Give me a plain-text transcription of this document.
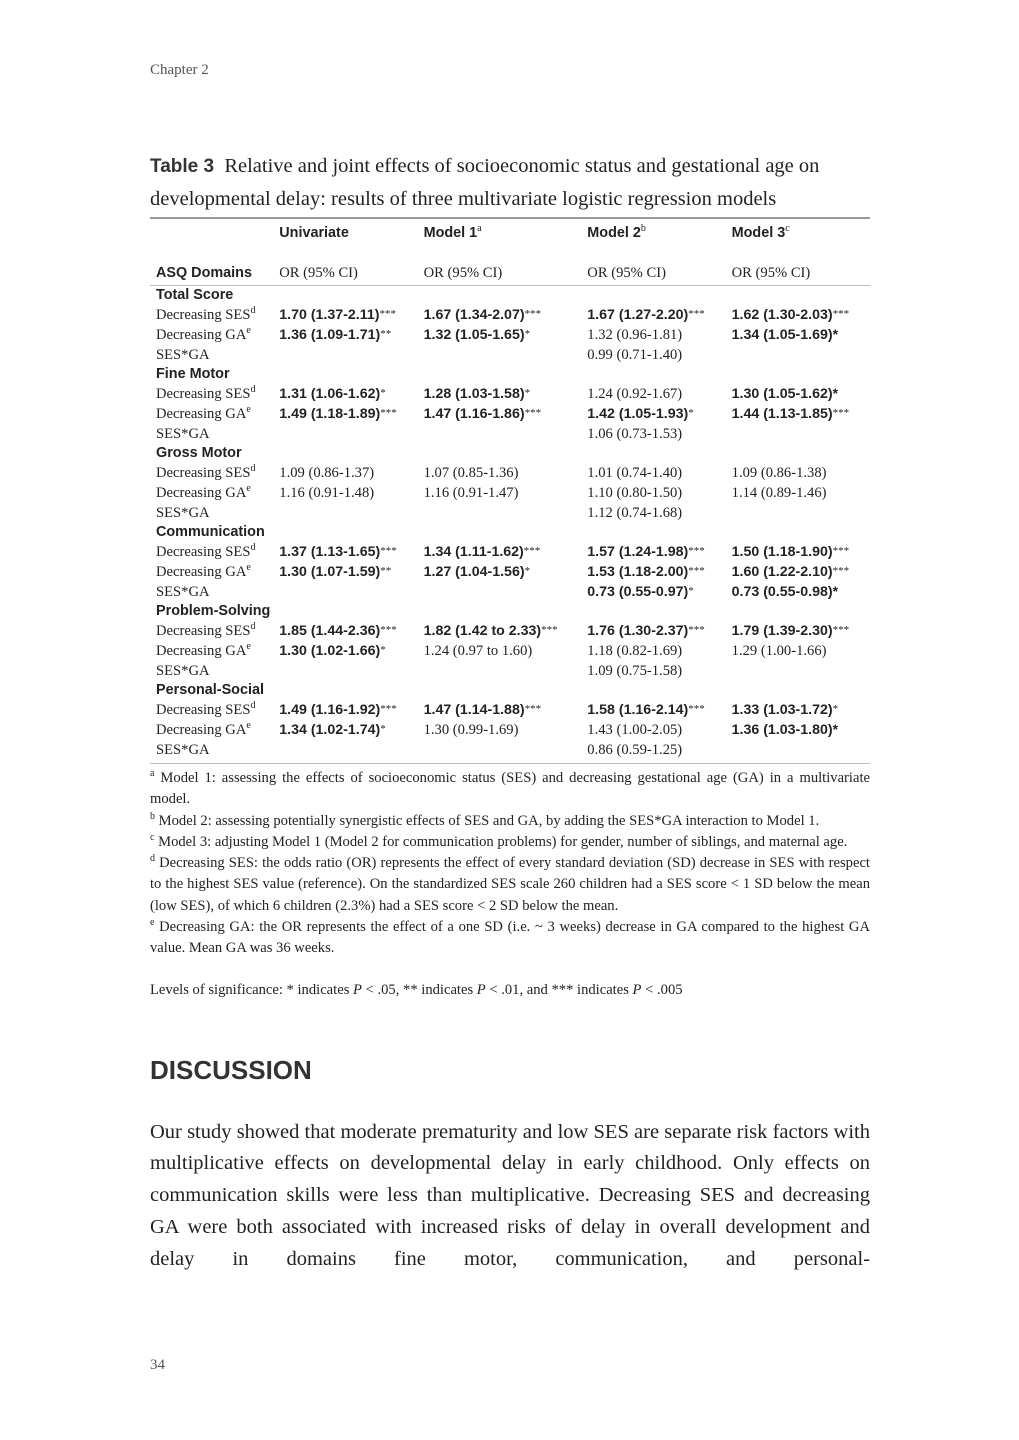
Chapter 2
Table 3 Relative and joint effects of socioeconomic status and gestational age on developmental delay: results of three multivariate logistic regression models
	Univariate	Model 1$^a$	Model 2$^b$	Model 3$^c$
ASQ Domains	OR (95% CI)	OR (95% CI)	OR (95% CI)	OR (95% CI)
Total Score				
Decreasing SES$^d$	1.70 (1.37-2.11)***	1.67 (1.34-2.07)***	1.67 (1.27-2.20)***	1.62 (1.30-2.03)***
Decreasing $GA^e$	1.36 (1.09-1.71)**	1.32 (1.05-1.65)*	1.32 (0.96-1.81)	1.34 (1.05-1.69)*
SES*GA			0.99 (0.71-1.40)	
Fine Motor				
Decreasing SES$^d$	1.31 (1.06-1.62)*	1.28 (1.03-1.58)*	1.24 (0.92-1.67)	1.30 (1.05-1.62)*
Decreasing $GA^e$	1.49 (1.18-1.89)***	1.47 (1.16-1.86)***	1.42 (1.05-1.93)*	1.44 (1.13-1.85)***
SES*GA			1.06 (0.73-1.53)	
Gross Motor				
Decreasing SES$^d$	1.09 (0.86-1.37)	1.07 (0.85-1.36)	1.01 (0.74-1.40)	1.09 (0.86-1.38)
Decreasing $GA^e$	1.16 (0.91-1.48)	1.16 (0.91-1.47)	1.10 (0.80-1.50)	1.14 (0.89-1.46)
SES*GA			1.12 (0.74-1.68)	
Communication				
Decreasing SES$^d$	1.37 (1.13-1.65)***	1.34 (1.11-1.62)***	1.57 (1.24-1.98)***	1.50 (1.18-1.90)***
Decreasing $GA^e$	1.30 (1.07-1.59)**	1.27 (1.04-1.56)*	1.53 (1.18-2.00)***	1.60 (1.22-2.10)***
SES*GA			0.73 (0.55-0.97)*	0.73 (0.55-0.98)*
Problem-Solving				
Decreasing SES$^d$	1.85 (1.44-2.36)***	1.82 (1.42 to 2.33)***	1.76 (1.30-2.37)***	1.79 (1.39-2.30)***
Decreasing $GA^e$	1.30 (1.02-1.66)*	1.24 (0.97 to 1.60)	1.18 (0.82-1.69)	1.29 (1.00-1.66)
SES*GA			1.09 (0.75-1.58)	
Personal-Social				
Decreasing SES$^d$	1.49 (1.16-1.92)***	1.47 (1.14-1.88)***	1.58 (1.16-2.14)***	1.33 (1.03-1.72)*
Decreasing $GA^e$	1.34 (1.02-1.74)*	1.30 (0.99-1.69)	1.43 (1.00-2.05)	1.36 (1.03-1.80)*
SES*GA			0.86 (0.59-1.25)	

$^a$ Model 1: assessing the effects of socioeconomic status (SES) and decreasing gestational age (GA) in a multivariate model.

$^b$ Model 2: assessing potentially synergistic effects of SES and GA, by adding the SES*GA interaction to Model 1.

$^c$ Model 3: adjusting Model 1 (Model 2 for communication problems) for gender, number of siblings, and maternal age.

$^d$ Decreasing SES: the odds ratio (OR) represents the effect of every standard deviation (SD) decrease in SES with respect to the highest SES value (reference). On the standardized SES scale 260 children had a SES score < 1 SD below the mean (low SES), of which 6 children (2.3%) had a SES score < 2 SD below the mean.

$^e$ Decreasing GA: the OR represents the effect of a one SD (i.e. ~ 3 weeks) decrease in GA compared to the highest GA value. Mean GA was 36 weeks.

Levels of significance: * indicates P < .05, ** indicates P < .01, and *** indicates P < .005
DISCUSSION
Our study showed that moderate prematurity and low SES are separate risk factors with multiplicative effects on developmental delay in early childhood. Only effects on communication skills were less than multiplicative. Decreasing SES and decreasing GA were both associated with increased risks of delay in overall development and delay in domains fine motor, communication, and personal-
34
